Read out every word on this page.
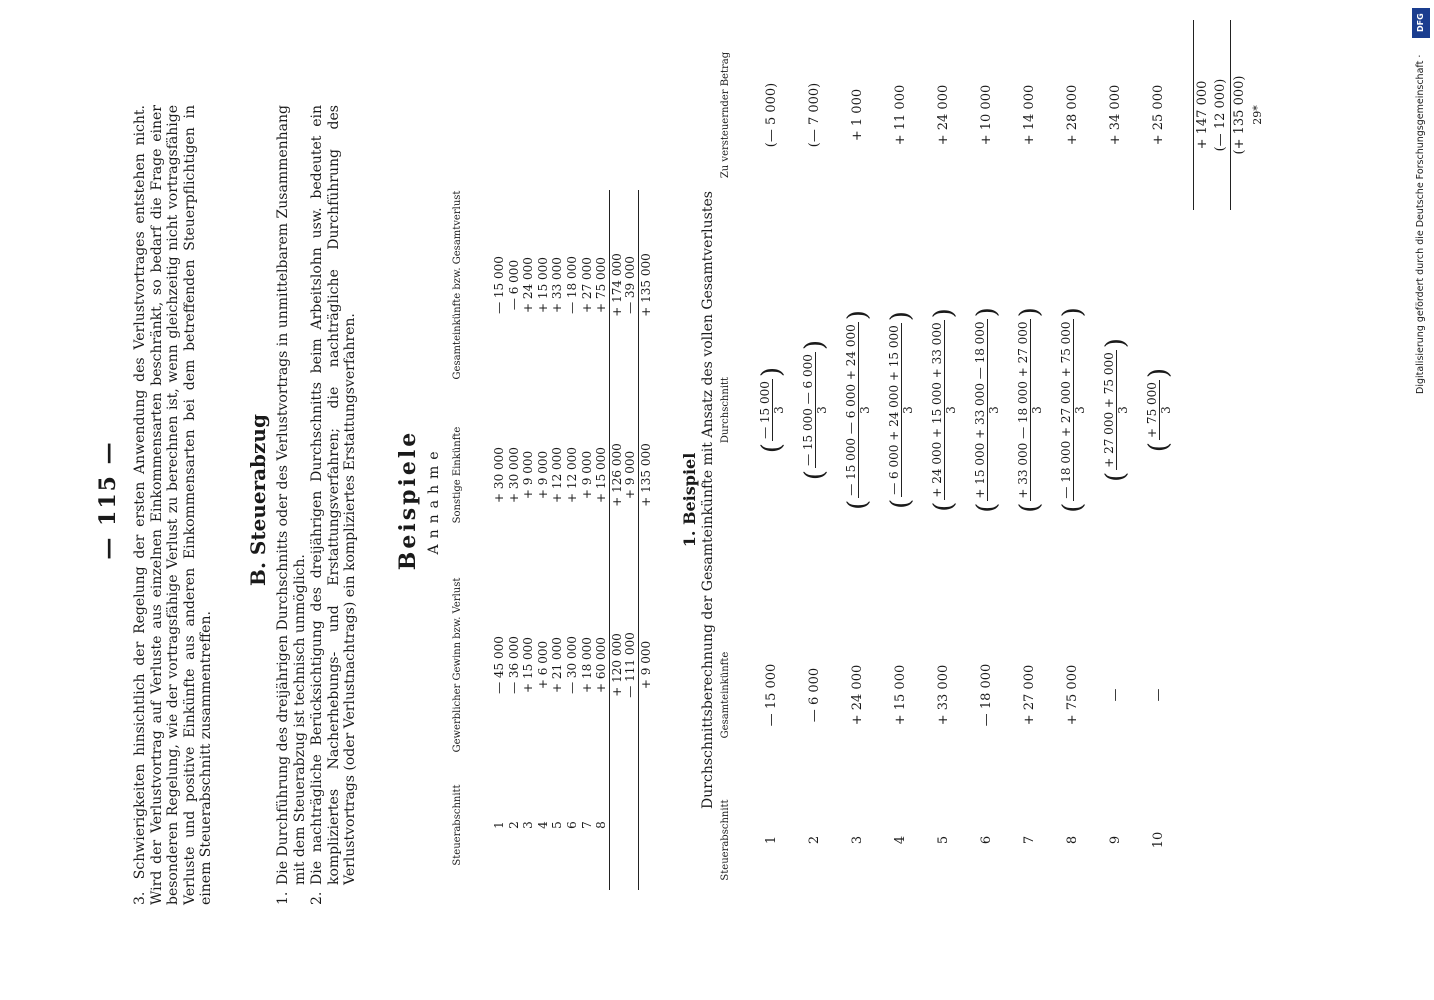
— 115 —
3. Schwierigkeiten hinsichtlich der Regelung der ersten Anwendung des Verlustvortrages entstehen nicht. Wird der Verlustvortrag auf Verluste aus einzelnen Einkommensarten beschränkt, so bedarf die Frage einer besonderen Regelung, wie der vortragsfähige Verlust zu berechnen ist, wenn gleichzeitig nicht vortragsfähige Verluste und positive Einkünfte aus anderen Einkommensarten bei dem betreffenden Steuerpflichtigen in einem Steuerabschnitt zusammentreffen.
B. Steuerabzug
1.
Die Durchführung des dreijährigen Durchschnitts oder des Verlustvortrags in unmittelbarem Zusammenhang mit dem Steuerabzug ist technisch unmöglich.
2.
Die nachträgliche Berücksichtigung des dreijährigen Durchschnitts beim Arbeitslohn usw. bedeutet ein kompliziertes Nacherhebungs- und Erstattungsverfahren; die nachträgliche Durchführung des Verlustvortrags (oder Verlustnachtrags) ein kompliziertes Erstattungsverfahren. Beispiele Annahme
Steuerabschnitt
Gewerblicher Gewinn bzw. Verlust
Sonstige Einkünfte
Gesamteinkünfte bzw. Gesamtverlust
1
— 45 000
+ 30 000
— 15 000
2
— 36 000
+ 30 000
— 6 000
3
+ 15 000
+ 9 000
+ 24 000
4
+ 6 000
+ 9 000
+ 15 000
5
+ 21 000
+ 12 000
+ 33 000
6
— 30 000
+ 12 000
— 18 000
7
+ 18 000
+ 9 000
+ 27 000
8
+ 60 000
+ 15 000
+ 75 000
+ 120 000
+ 126 000
+ 174 000
— 111 000
+ 9 000
— 39 000
+ 9 000
+ 135 000
+ 135 000
1. Beispiel Durchschnittsberechnung der Gesamteinkünfte mit Ansatz des vollen Gesamtverlustes
Steuerabschnitt
Gesamteinkünfte
Durchschnitt
Zu versteuernder Betrag
1
— 15 000
(
— 15 000 3
)
(— 5 000)
2
— 6 000
(
— 15 000 — 6 000 3
)
(— 7 000)
3
+ 24 000
(
— 15 000 — 6 000 + 24 000 3
)
+ 1 000
4
+ 15 000
(
— 6 000 + 24 000 + 15 000 3
)
+ 11 000
5
+ 33 000
(
+ 24 000 + 15 000 + 33 000 3
)
+ 24 000
6
— 18 000
(
+ 15 000 + 33 000 — 18 000 3
)
+ 10 000
7
+ 27 000
(
+ 33 000 — 18 000 + 27 000 3
)
+ 14 000
8
+ 75 000
(
— 18 000 + 27 000 + 75 000 3
)
+ 28 000
9
—
(
+ 27 000 + 75 000 3
)
+ 34 000
10
—
(
+ 75 000 3
)
+ 25 000 + 147 000 (— 12 000) (+ 135 000) 29*
DFG
Digitalisierung gefördert durch die Deutsche Forschungsgemeinschaft ·
